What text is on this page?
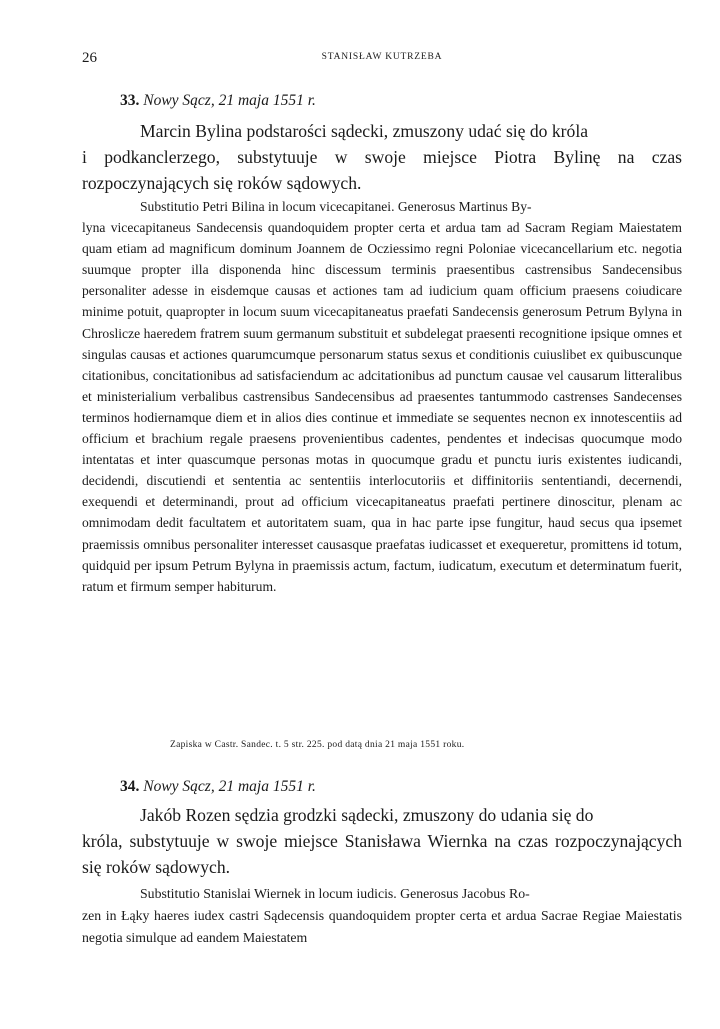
26	STANISŁAW KUTRZEBA
33. Nowy Sącz, 21 maja 1551 r.

Marcin Bylina podstarości sądecki, zmuszony udać się do króla
i podkanclerzego, substytuuje w swoje miejsce Piotra Bylinę na czas rozpoczynających się roków sądowych.

Substitutio Petri Bilina in locum vicecapitanei. Generosus Martinus By-
lyna vicecapitaneus Sandecensis quandoquidem propter certa et ardua tam ad Sacram Regiam Maiestatem quam etiam ad magnificum dominum Joannem de Ocziessimo regni Poloniae vicecancellarium etc. negotia suumque propter illa disponenda hinc discessum terminis praesentibus castrensibus Sandecensibus personaliter adesse in eisdemque causas et actiones tam ad iudicium quam officium praesens coiudicare minime potuit, quapropter in locum suum vicecapitaneatus praefati Sandecensis generosum Petrum Bylyna in Chroslicze haeredem fratrem suum germanum substituit et subdelegat praesenti recognitione ipsique omnes et singulas causas et actiones quarumcumque personarum status sexus et conditionis cuiuslibet ex quibuscunque citationibus, concitationibus ad satisfaciendum ac adcitationibus ad punctum causae vel causarum litteralibus et ministerialium verbalibus castrensibus Sandecensibus ad praesentes tantummodo castrenses Sandecenses terminos hodiernamque diem et in alios dies continue et immediate se sequentes necnon ex innotescentiis ad officium et brachium regale praesens provenientibus cadentes, pendentes et indecisas quocumque modo intentatas et inter quascumque personas motas in quocumque gradu et punctu iuris existentes iudicandi, decidendi, discutiendi et sententia ac sententiis interlocutoriis et diffinitoriis sententiandi, decernendi, exequendi et determinandi, prout ad officium vicecapitaneatus praefati pertinere dinoscitur, plenam ac omnimodam dedit facultatem et autoritatem suam, qua in hac parte ipse fungitur, haud secus qua ipsemet praemissis omnibus personaliter interesset causasque praefatas iudicasset et exequeretur, promittens id totum, quidquid per ipsum Petrum Bylyna in praemissis actum, factum, iudicatum, executum et determinatum fuerit, ratum et firmum semper habiturum.

Zapiska w Castr. Sandec. t. 5 str. 225. pod datą dnia 21 maja 1551 roku.
34. Nowy Sącz, 21 maja 1551 r.

Jakób Rozen sędzia grodzki sądecki, zmuszony do udania się do
króla, substytuuje w swoje miejsce Stanisława Wiernka na czas rozpoczynających się roków sądowych.

Substitutio Stanislai Wiernek in locum iudicis. Generosus Jacobus Ro-
zen in Łąky haeres iudex castri Sądecensis quandoquidem propter certa et ardua Sacrae Regiae Maiestatis negotia simulque ad eandem Maiestatem
